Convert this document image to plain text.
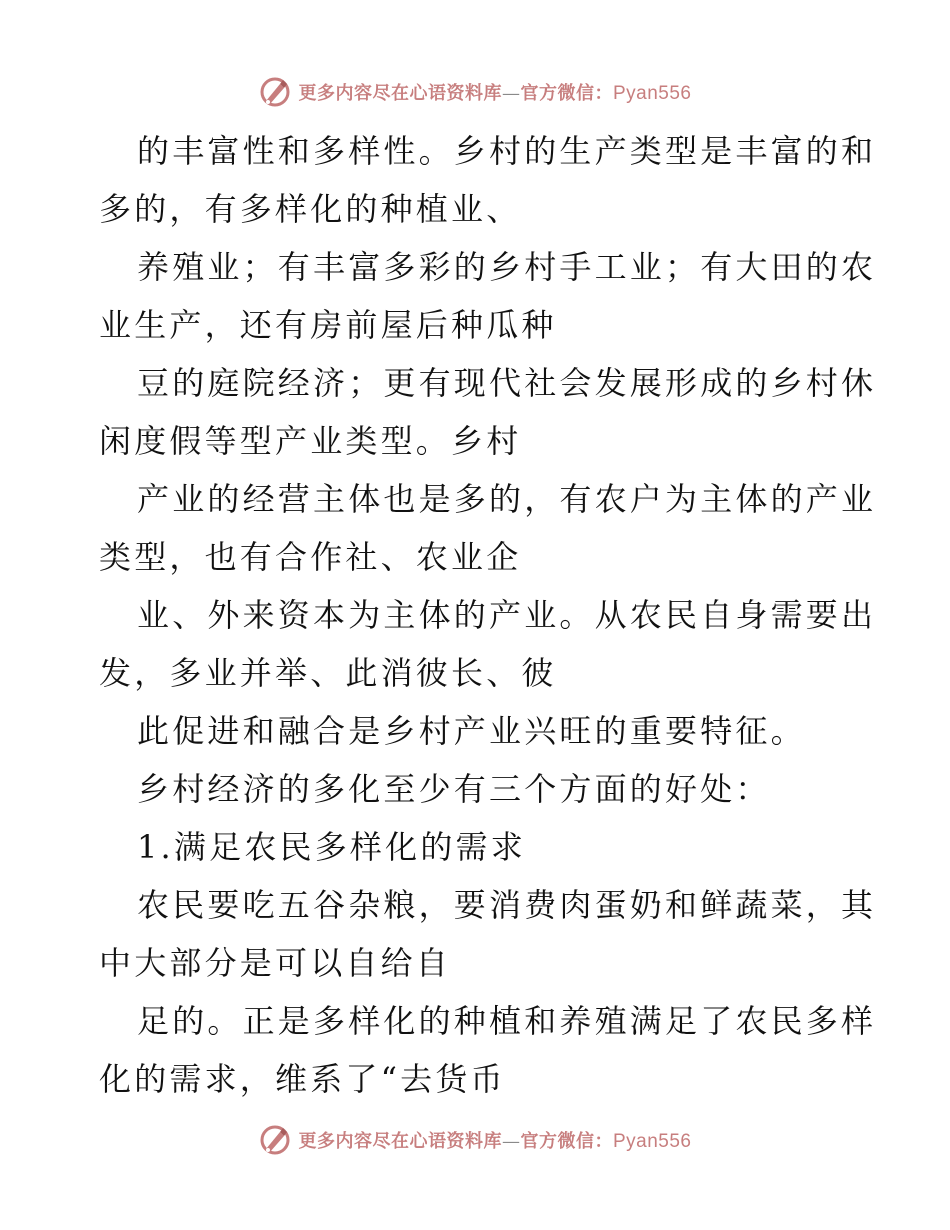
更多内容尽在心语资料库—官方微信：Pyan556
的丰富性和多样性。乡村的生产类型是丰富的和
多的，有多样化的种植业、
养殖业；有丰富多彩的乡村手工业；有大田的农
业生产，还有房前屋后种瓜种
豆的庭院经济；更有现代社会发展形成的乡村休
闲度假等型产业类型。乡村
产业的经营主体也是多的，有农户为主体的产业
类型，也有合作社、农业企
业、外来资本为主体的产业。从农民自身需要出
发，多业并举、此消彼长、彼
此促进和融合是乡村产业兴旺的重要特征。
乡村经济的多化至少有三个方面的好处：
1.满足农民多样化的需求
农民要吃五谷杂粮，要消费肉蛋奶和鲜蔬菜，其
中大部分是可以自给自
足的。正是多样化的种植和养殖满足了农民多样
化的需求，维系了“去货币
更多内容尽在心语资料库—官方微信：Pyan556
